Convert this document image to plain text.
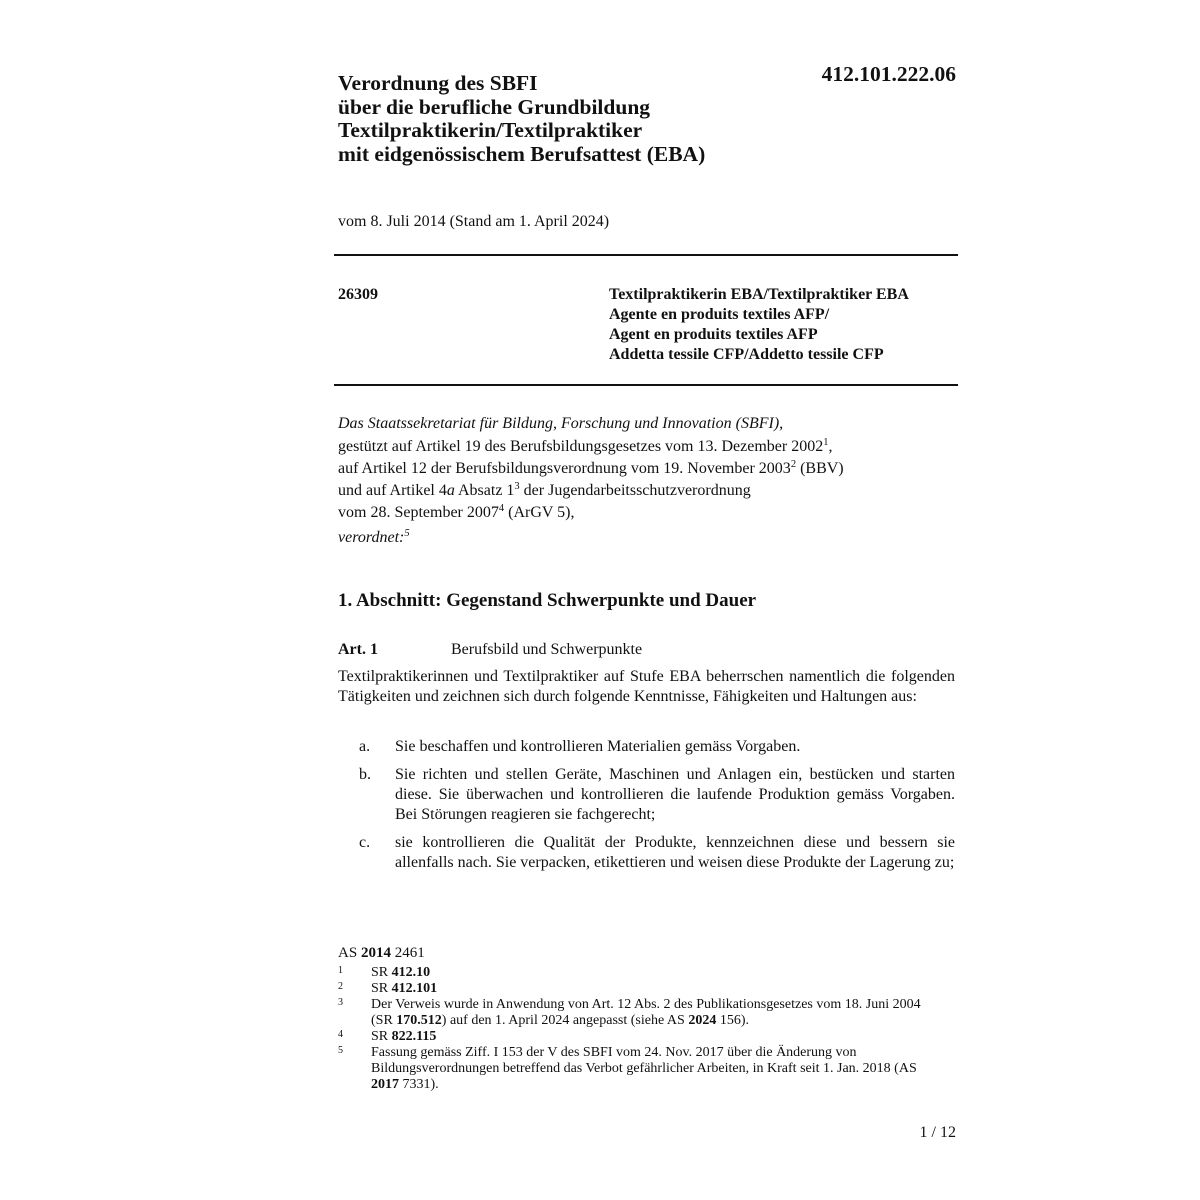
Verordnung des SBFI
über die berufliche Grundbildung
Textilpraktikerin/Textilpraktiker
mit eidgenössischem Berufsattest (EBA)
412.101.222.06
vom 8. Juli 2014 (Stand am 1. April 2024)
26309	Textilpraktikerin EBA/Textilpraktiker EBA
Agente en produits textiles AFP/
Agent en produits textiles AFP
Addetta tessile CFP/Addetto tessile CFP
Das Staatssekretariat für Bildung, Forschung und Innovation (SBFI),
gestützt auf Artikel 19 des Berufsbildungsgesetzes vom 13. Dezember 2002$^1$,
auf Artikel 12 der Berufsbildungsverordnung vom 19. November 2003$^2$ (BBV)
und auf Artikel 4a Absatz $1^3$ der Jugendarbeitsschutzverordnung
vom 28. September 2007$^4$ (ArGV 5),
verordnet:$^5$
1. Abschnitt: Gegenstand Schwerpunkte und Dauer
Art. 1	Berufsbild und Schwerpunkte
Textilpraktikerinnen und Textilpraktiker auf Stufe EBA beherrschen namentlich die folgenden Tätigkeiten und zeichnen sich durch folgende Kenntnisse, Fähigkeiten und Haltungen aus:
a.	Sie beschaffen und kontrollieren Materialien gemäss Vorgaben.
b.	Sie richten und stellen Geräte, Maschinen und Anlagen ein, bestücken und starten diese. Sie überwachen und kontrollieren die laufende Produktion gemäss Vorgaben. Bei Störungen reagieren sie fachgerecht;
c.	sie kontrollieren die Qualität der Produkte, kennzeichnen diese und bessern sie allenfalls nach. Sie verpacken, etikettieren und weisen diese Produkte der Lagerung zu;
AS 2014 2461
1	SR 412.10
2	SR 412.101
3	Der Verweis wurde in Anwendung von Art. 12 Abs. 2 des Publikationsgesetzes vom 18. Juni 2004 (SR 170.512) auf den 1. April 2024 angepasst (siehe AS 2024 156).
4	SR 822.115
5	Fassung gemäss Ziff. I 153 der V des SBFI vom 24. Nov. 2017 über die Änderung von Bildungsverordnungen betreffend das Verbot gefährlicher Arbeiten, in Kraft seit 1. Jan. 2018 (AS 2017 7331).
1 / 12
